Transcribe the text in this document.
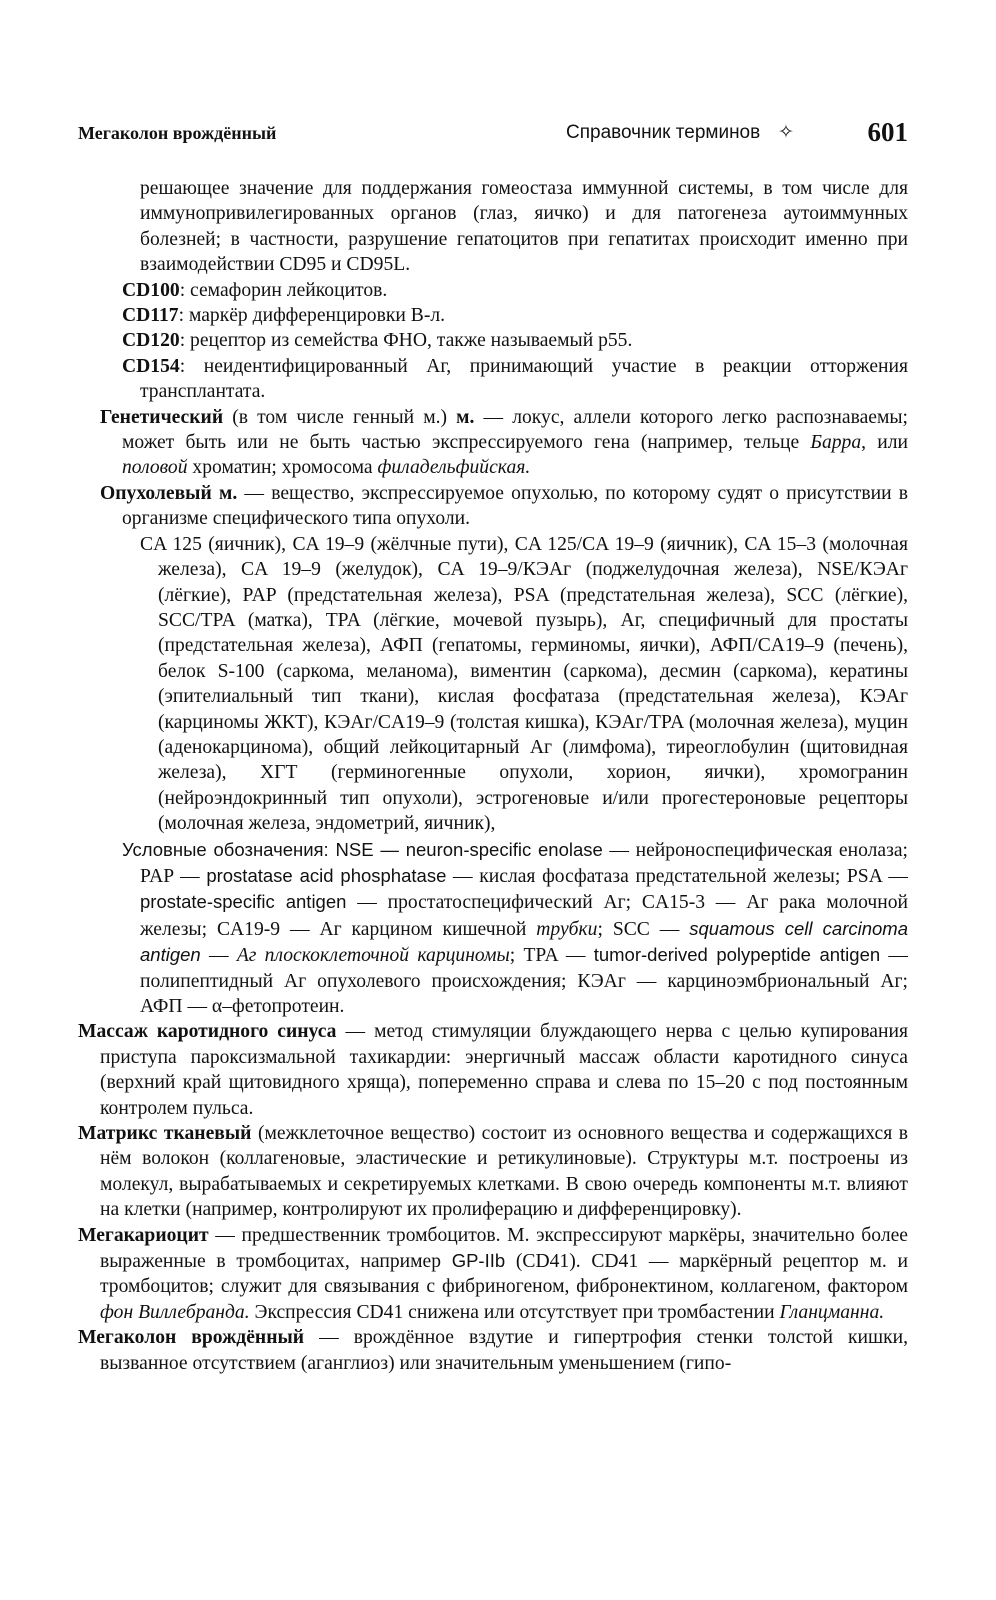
Мегаколон врождённый	Справочник терминов ✧	601

решающее значение для поддержания гомеостаза иммунной системы, в том числе для иммунопривилегированных органов (глаз, яичко) и для патогенеза аутоиммунных болезней; в частности, разрушение гепатоцитов при гепатитах происходит именно при взаимодействии CD95 и CD95L.

CD100: семафорин лейкоцитов.

CD117: маркёр дифференцировки В-л.

CD120: рецептор из семейства ФНО, также называемый p55.

CD154: неидентифицированный Аг, принимающий участие в реакции отторжения трансплантата.

Генетический (в том числе генный м.) м. — локус, аллели которого легко распознаваемы; может быть или не быть частью экспрессируемого гена (например, тельце Барра, или половой хроматин; хромосома филадельфийская.

Опухолевый м. — вещество, экспрессируемое опухолью, по которому судят о присутствии в организме специфического типа опухоли.

CA 125 (яичник), CA 19–9 (жёлчные пути), CA 125/CA 19–9 (яичник), CA 15–3 (молочная железа), CA 19–9 (желудок), CA 19–9/КЭАг (поджелудочная железа), NSE/КЭАг (лёгкие), PAP (предстательная железа), PSA (предстательная железа), SCC (лёгкие), SCC/TPA (матка), TPA (лёгкие, мочевой пузырь), Аг, специфичный для простаты (предстательная железа), АФП (гепатомы, герминомы, яички), АФП/CA19–9 (печень), белок S-100 (саркома, меланома), виментин (саркома), десмин (саркома), кератины (эпителиальный тип ткани), кислая фосфатаза (предстательная железа), КЭАг (карциномы ЖКТ), КЭАг/CA19–9 (толстая кишка), КЭАг/TPA (молочная железа), муцин (аденокарцинома), общий лейкоцитарный Аг (лимфома), тиреоглобулин (щитовидная железа), ХГТ (герминогенные опухоли, хорион, яички), хромогранин (нейроэндокринный тип опухоли), эстрогеновые и/или прогестероновые рецепторы (молочная железа, эндометрий, яичник),

Условные обозначения: NSE — neuron-specific enolase — нейроноспецифическая енолаза; PAP — prostatase acid phosphatase — кислая фосфатаза предстательной железы; PSA — prostate-specific antigen — простатоспецифический Аг; CA15-3 — Аг рака молочной железы; CA19-9 — Аг карцином кишечной трубки; SCC — squamous cell carcinoma antigen — Аг плоскоклеточной карциномы; TPA — tumor-derived polypeptide antigen — полипептидный Аг опухолевого происхождения; КЭАг — карциноэмбриональный Аг; АФП — α–фетопротеин.

Массаж каротидного синуса — метод стимуляции блуждающего нерва с целью купирования приступа пароксизмальной тахикардии: энергичный массаж области каротидного синуса (верхний край щитовидного хряща), попеременно справа и слева по 15–20 с под постоянным контролем пульса.

Матрикс тканевый (межклеточное вещество) состоит из основного вещества и содержащихся в нём волокон (коллагеновые, эластические и ретикулиновые). Структуры м.т. построены из молекул, вырабатываемых и секретируемых клетками. В свою очередь компоненты м.т. влияют на клетки (например, контролируют их пролиферацию и дифференцировку).

Мегакариоцит — предшественник тромбоцитов. М. экспрессируют маркёры, значительно более выраженные в тромбоцитах, например GP-IIb (CD41). CD41 — маркёрный рецептор м. и тромбоцитов; служит для связывания с фибриногеном, фибронектином, коллагеном, фактором фон Виллебранда. Экспрессия CD41 снижена или отсутствует при тромбастении Гланцманна.

Мегаколон врождённый — врождённое вздутие и гипертрофия стенки толстой кишки, вызванное отсутствием (аганглиоз) или значительным уменьшением (гипо-
